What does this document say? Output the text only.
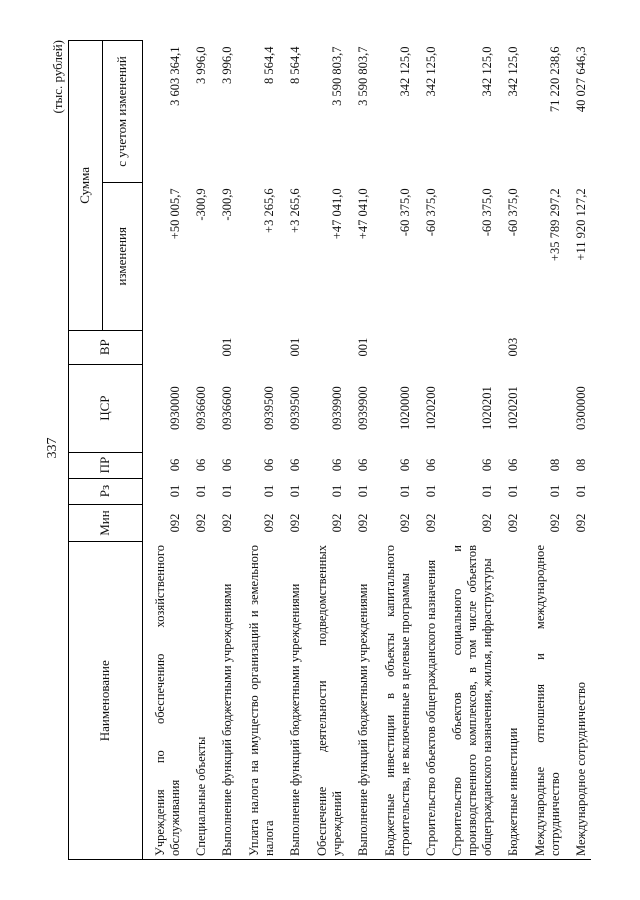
337
(тыс. рублей)
Наименование	Мин	Рз	ПР	ЦСР	ВР	Сумма	
						изменения	с учетом изменений
Учреждения по обеспечению хозяйственного обслуживания	092	01	06	0930000		+50 005,7	3 603 364,1
Специальные объекты	092	01	06	0936600		-300,9	3 996,0
Выполнение функций бюджетными учреждениями	092	01	06	0936600	001	-300,9	3 996,0
Уплата налога на имущество организаций и земельного налога	092	01	06	0939500		+3 265,6	8 564,4
Выполнение функций бюджетными учреждениями	092	01	06	0939500	001	+3 265,6	8 564,4
Обеспечение деятельности подведомственных учреждений	092	01	06	0939900		+47 041,0	3 590 803,7
Выполнение функций бюджетными учреждениями	092	01	06	0939900	001	+47 041,0	3 590 803,7
Бюджетные инвестиции в объекты капитального строительства, не включенные в целевые программы	092	01	06	1020000		-60 375,0	342 125,0
Строительство объектов общегражданского назначения	092	01	06	1020200		-60 375,0	342 125,0
Строительство объектов социального и производственного комплексов, в том числе объектов общегражданского назначения, жилья, инфраструктуры	092	01	06	1020201		-60 375,0	342 125,0
Бюджетные инвестиции	092	01	06	1020201	003	-60 375,0	342 125,0
Международные отношения и международное сотрудничество	092	01	08			+35 789 297,2	71 220 238,6
Международное сотрудничество	092	01	08	0300000		+11 920 127,2	40 027 646,3
